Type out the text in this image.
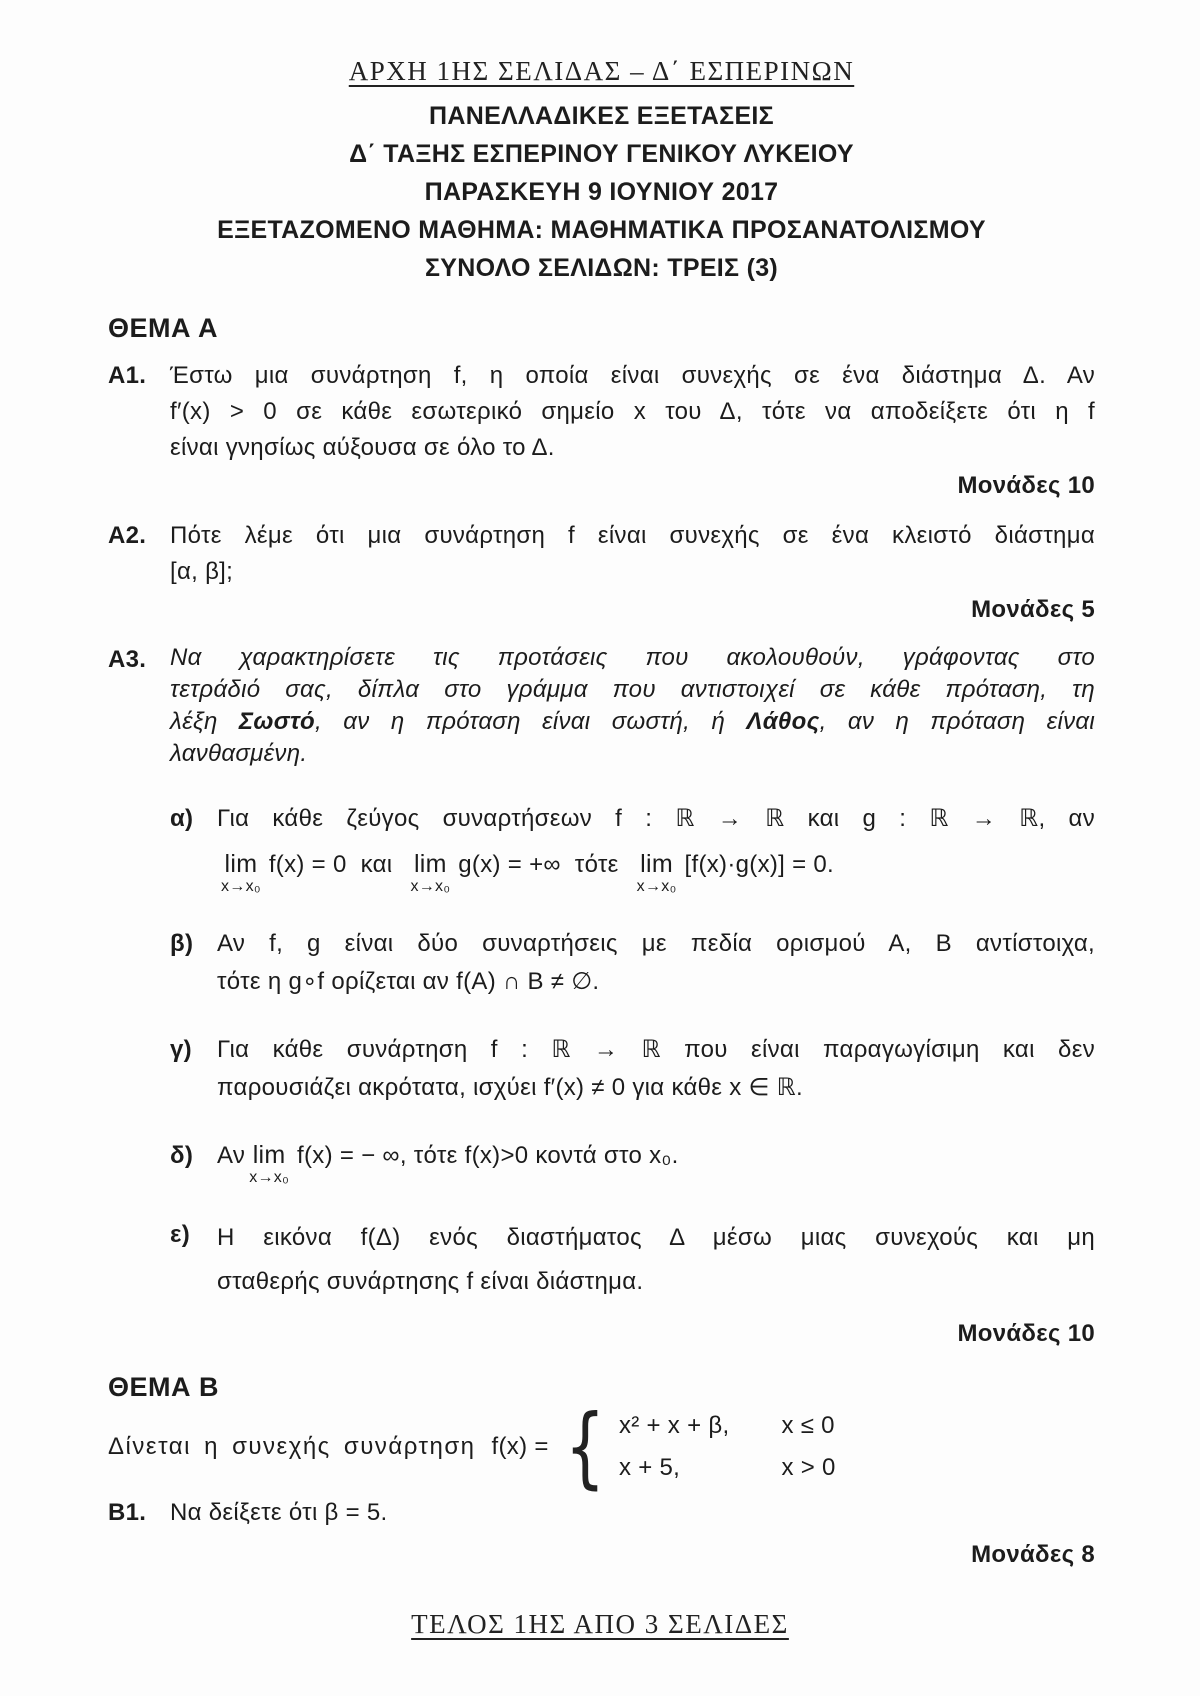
ΑΡΧΗ 1ΗΣ ΣΕΛΙΔΑΣ – Δ΄ ΕΣΠΕΡΙΝΩΝ
ΠΑΝΕΛΛΑΔΙΚΕΣ ΕΞΕΤΑΣΕΙΣ
Δ΄ ΤΑΞΗΣ ΕΣΠΕΡΙΝΟΥ ΓΕΝΙΚΟΥ ΛΥΚΕΙΟΥ
ΠΑΡΑΣΚΕΥΗ 9 ΙΟΥΝΙΟΥ 2017
ΕΞΕΤΑΖΟΜΕΝΟ ΜΑΘΗΜΑ: ΜΑΘΗΜΑΤΙΚΑ ΠΡΟΣΑΝΑΤΟΛΙΣΜΟΥ
ΣΥΝΟΛΟ ΣΕΛΙΔΩΝ: ΤΡΕΙΣ (3)
ΘΕΜΑ Α
Α1. Έστω μια συνάρτηση f, η οποία είναι συνεχής σε ένα διάστημα Δ. Αν
f′(x) > 0 σε κάθε εσωτερικό σημείο x του Δ, τότε να αποδείξετε ότι η f
είναι γνησίως αύξουσα σε όλο το Δ.
Μονάδες 10
Α2. Πότε λέμε ότι μια συνάρτηση f είναι συνεχής σε ένα κλειστό διάστημα
[α, β];
Μονάδες 5
Α3. Να χαρακτηρίσετε τις προτάσεις που ακολουθούν, γράφοντας στο
τετράδιό σας, δίπλα στο γράμμα που αντιστοιχεί σε κάθε πρόταση, τη
λέξη Σωστό, αν η πρόταση είναι σωστή, ή Λάθος, αν η πρόταση είναι
λανθασμένη.
α) Για κάθε ζεύγος συναρτήσεων f : ℝ → ℝ και g : ℝ → ℝ, αν
lim
x→x₀
f(x) = 0 και lim
x→x₀
g(x) = +∞ τότε lim
x→x₀
[f(x)·g(x)] = 0.
β) Αν f, g είναι δύο συναρτήσεις με πεδία ορισμού Α, Β αντίστοιχα,
τότε η g∘f ορίζεται αν f(A) ∩ B ≠ ∅.
γ)	Για κάθε συνάρτηση f : ℝ → ℝ που είναι παραγωγίσιμη και δεν
παρουσιάζει ακρότατα, ισχύει f′(x) ≠ 0 για κάθε x ∈ ℝ.
δ) Αν lim
x→x₀
f(x) = − ∞, τότε f(x)>0 κοντά στο x₀.
ε)	Η εικόνα f(Δ) ενός διαστήματος Δ μέσω μιας συνεχούς και μη
σταθερής συνάρτησης f είναι διάστημα.
Μονάδες 10
ΘΕΜΑ Β
Δίνεται η συνεχής συνάρτηση f(x) = { x² + x + β, x ≤ 0
x + 5,	x > 0
Β1. Να δείξετε ότι β = 5.
Μονάδες 8
ΤΕΛΟΣ 1ΗΣ ΑΠΟ 3 ΣΕΛΙΔΕΣ
